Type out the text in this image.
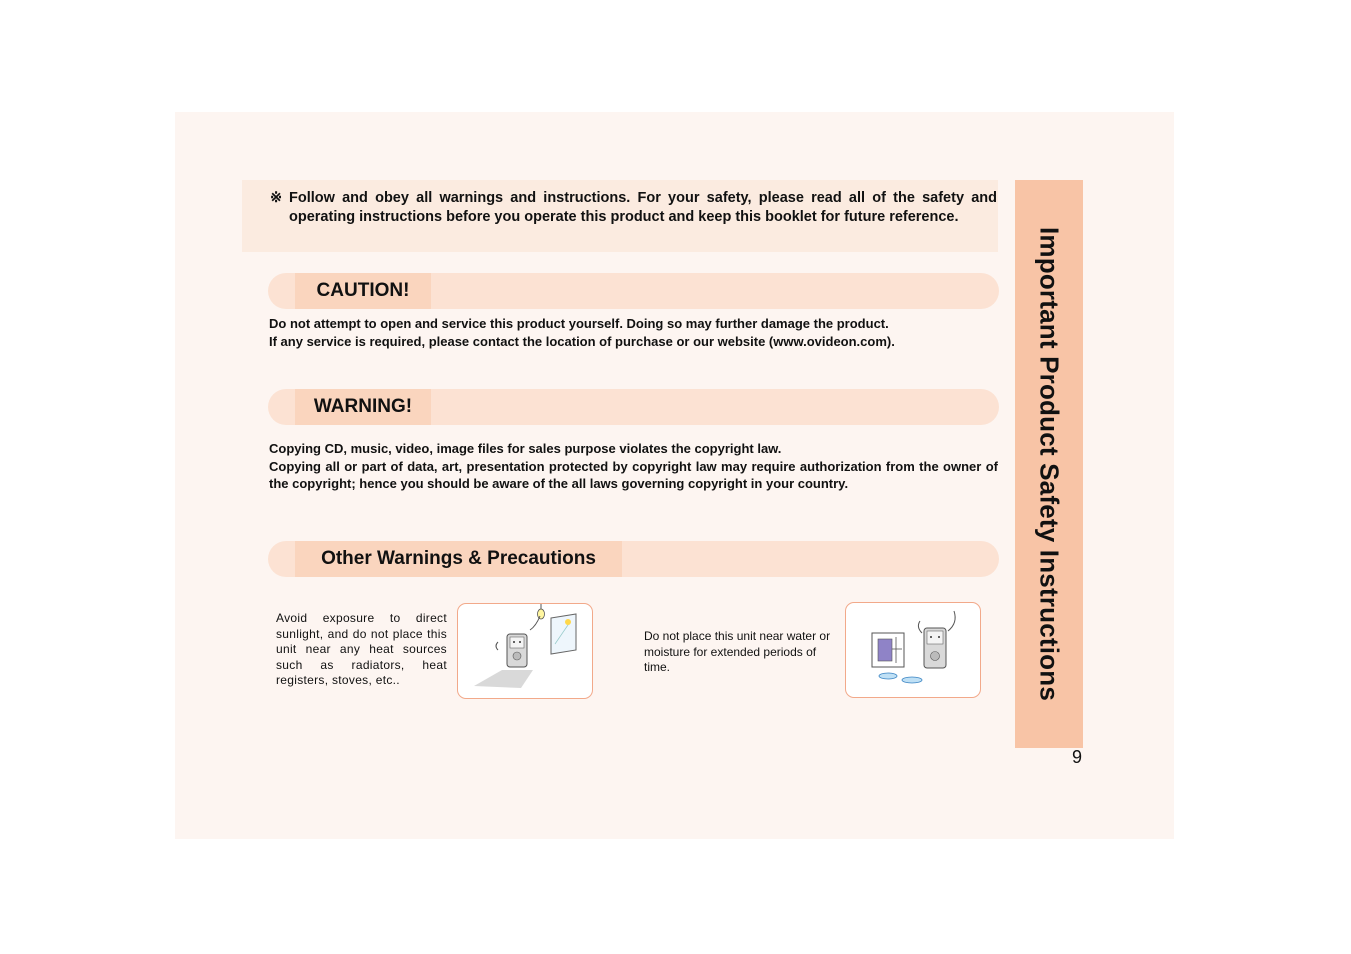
※ Follow and obey all warnings and instructions. For your safety, please read all of the safety and operating instructions before you operate this product and keep this booklet for future reference.
Important Product Safety Instructions
9
CAUTION!
Do not attempt to open and service this product yourself. Doing so may further damage the product.
If any service is required, please contact the location of purchase or our website (www.ovideon.com).
WARNING!
Copying CD, music, video, image files for sales purpose violates the copyright law.
Copying all or part of data, art, presentation protected by copyright law may require authorization from the owner of the copyright; hence you should be aware of the all laws governing copyright in your country.
Other Warnings & Precautions
Avoid exposure to direct sunlight, and do not place this unit near any heat sources such as radiators, heat registers, stoves, etc..
Do not place this unit near water or moisture for extended periods of time.
